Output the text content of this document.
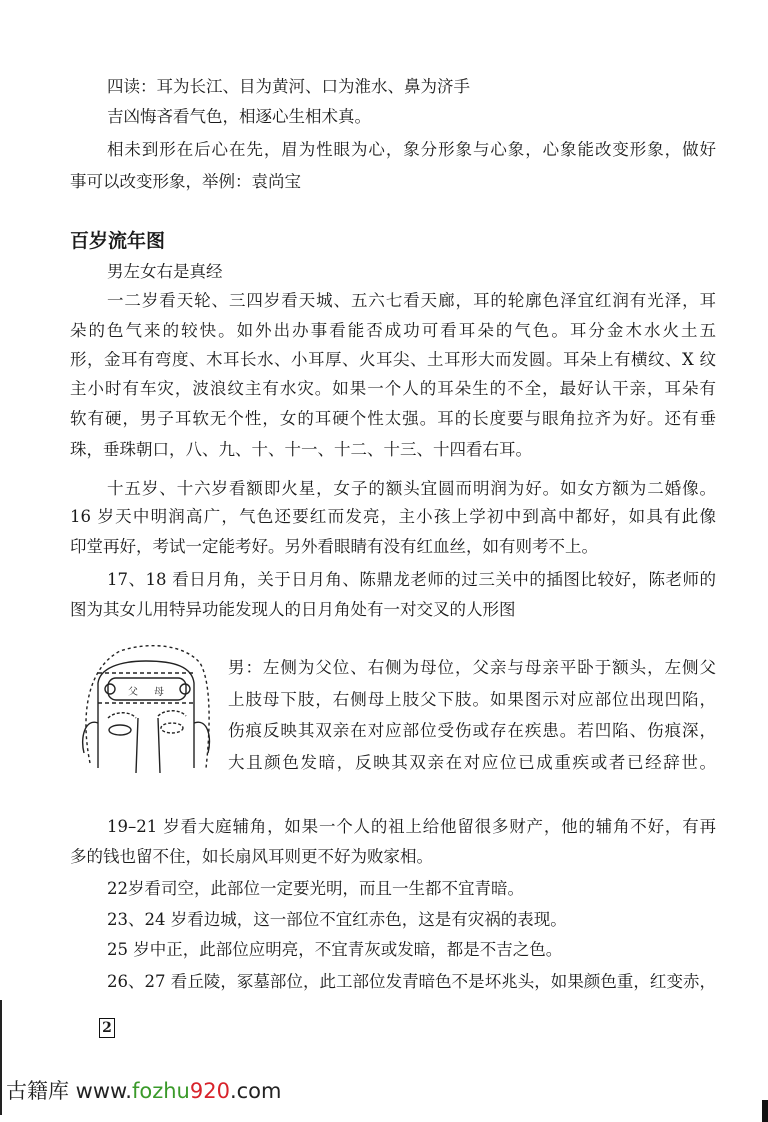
四读：耳为长江、目为黄河、口为淮水、鼻为济手
吉凶悔吝看气色，相逐心生相术真。
相未到形在后心在先，眉为性眼为心，象分形象与心象，心象能改变形象，做好
事可以改变形象，举例：袁尚宝
百岁流年图
男左女右是真经
一二岁看天轮、三四岁看天城、五六七看天廊，耳的轮廓色泽宜红润有光泽，耳
朵的色气来的较快。如外出办事看能否成功可看耳朵的气色。耳分金木水火土五
形，金耳有弯度、木耳长水、小耳厚、火耳尖、土耳形大而发圆。耳朵上有横纹、X 纹
主小时有车灾，波浪纹主有水灾。如果一个人的耳朵生的不全，最好认干亲，耳朵有
软有硬，男子耳软无个性，女的耳硬个性太强。耳的长度要与眼角拉齐为好。还有垂
珠，垂珠朝口，八、九、十、十一、十二、十三、十四看右耳。
十五岁、十六岁看额即火星，女子的额头宜圆而明润为好。如女方额为二婚像。
16 岁天中明润高广，气色还要红而发亮，主小孩上学初中到高中都好，如具有此像
印堂再好，考试一定能考好。另外看眼睛有没有红血丝，如有则考不上。
17、18 看日月角，关于日月角、陈鼎龙老师的过三关中的插图比较好，陈老师的
图为其女儿用特异功能发现人的日月角处有一对交叉的人形图
父 母
男：左侧为父位、右侧为母位，父亲与母亲平卧于额头，左侧父
上肢母下肢，右侧母上肢父下肢。如果图示对应部位出现凹陷，
伤痕反映其双亲在对应部位受伤或存在疾患。若凹陷、伤痕深，
大且颜色发暗，反映其双亲在对应位已成重疾或者已经辞世。
19–21 岁看大庭辅角，如果一个人的祖上给他留很多财产，他的辅角不好，有再
多的钱也留不住，如长扇风耳则更不好为败家相。
22岁看司空，此部位一定要光明，而且一生都不宜青暗。
23、24 岁看边城，这一部位不宜红赤色，这是有灾祸的表现。
25 岁中正，此部位应明亮，不宜青灰或发暗，都是不吉之色。
26、27 看丘陵，冢墓部位，此工部位发青暗色不是坏兆头，如果颜色重，红变赤，
2
古籍库 www.fozhu920.com
